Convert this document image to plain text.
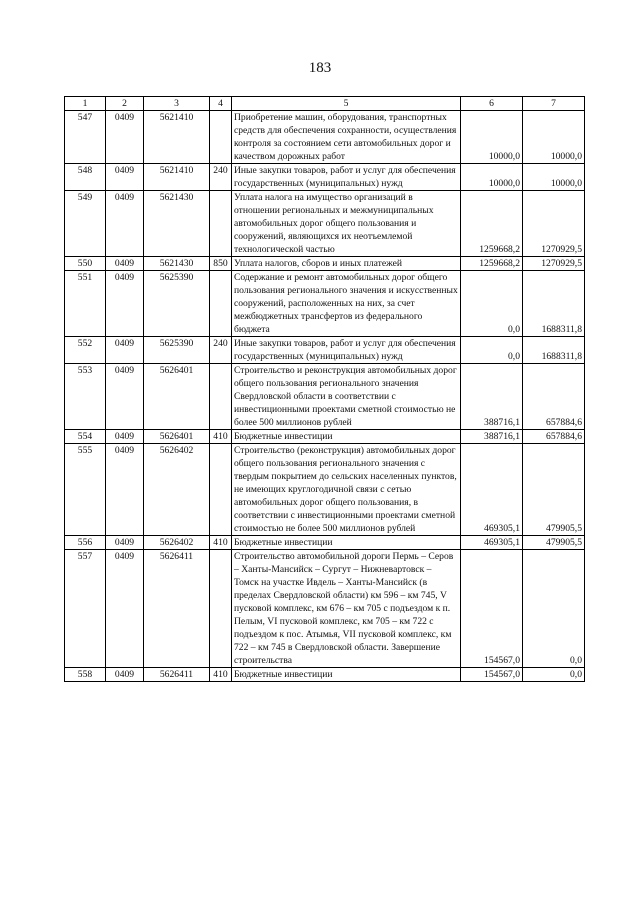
183
1	2	3	4	5	6	7
547	0409	5621410		Приобретение машин, оборудования, транспортных средств для обеспечения сохранности, осуществления контроля за состоянием сети автомобильных дорог и качеством дорожных работ	10000,0	10000,0
548	0409	5621410	240	Иные закупки товаров, работ и услуг для обеспечения государственных (муниципальных) нужд	10000,0	10000,0
549	0409	5621430		Уплата налога на имущество организаций в отношении региональных и межмуниципальных автомобильных дорог общего пользования и сооружений, являющихся их неотъемлемой технологической частью	1259668,2	1270929,5
550	0409	5621430	850	Уплата налогов, сборов и иных платежей	1259668,2	1270929,5
551	0409	5625390		Содержание и ремонт автомобильных дорог общего пользования регионального значения и искусственных сооружений, расположенных на них, за счет межбюджетных трансфертов из федерального бюджета	0,0	1688311,8
552	0409	5625390	240	Иные закупки товаров, работ и услуг для обеспечения государственных (муниципальных) нужд	0,0	1688311,8
553	0409	5626401		Строительство и реконструкция автомобильных дорог общего пользования регионального значения Свердловской области в соответствии с инвестиционными проектами сметной стоимостью не более 500 миллионов рублей	388716,1	657884,6
554	0409	5626401	410	Бюджетные инвестиции	388716,1	657884,6
555	0409	5626402		Строительство (реконструкция) автомобильных дорог общего пользования регионального значения с твердым покрытием до сельских населенных пунктов, не имеющих круглогодичной связи с сетью автомобильных дорог общего пользования, в соответствии с инвестиционными проектами сметной стоимостью не более 500 миллионов рублей	469305,1	479905,5
556	0409	5626402	410	Бюджетные инвестиции	469305,1	479905,5
557	0409	5626411		Строительство автомобильной дороги Пермь – Серов – Ханты-Мансийск – Сургут – Нижневартовск – Томск на участке Ивдель – Ханты-Мансийск (в пределах Свердловской области) км 596 – км 745, V пусковой комплекс, км 676 – км 705 с подъездом к п. Пелым, VI пусковой комплекс, км 705 – км 722 с подъездом к пос. Атымья, VII пусковой комплекс, км 722 – км 745 в Свердловской области. Завершение строительства	154567,0	0,0
558	0409	5626411	410	Бюджетные инвестиции	154567,0	0,0
